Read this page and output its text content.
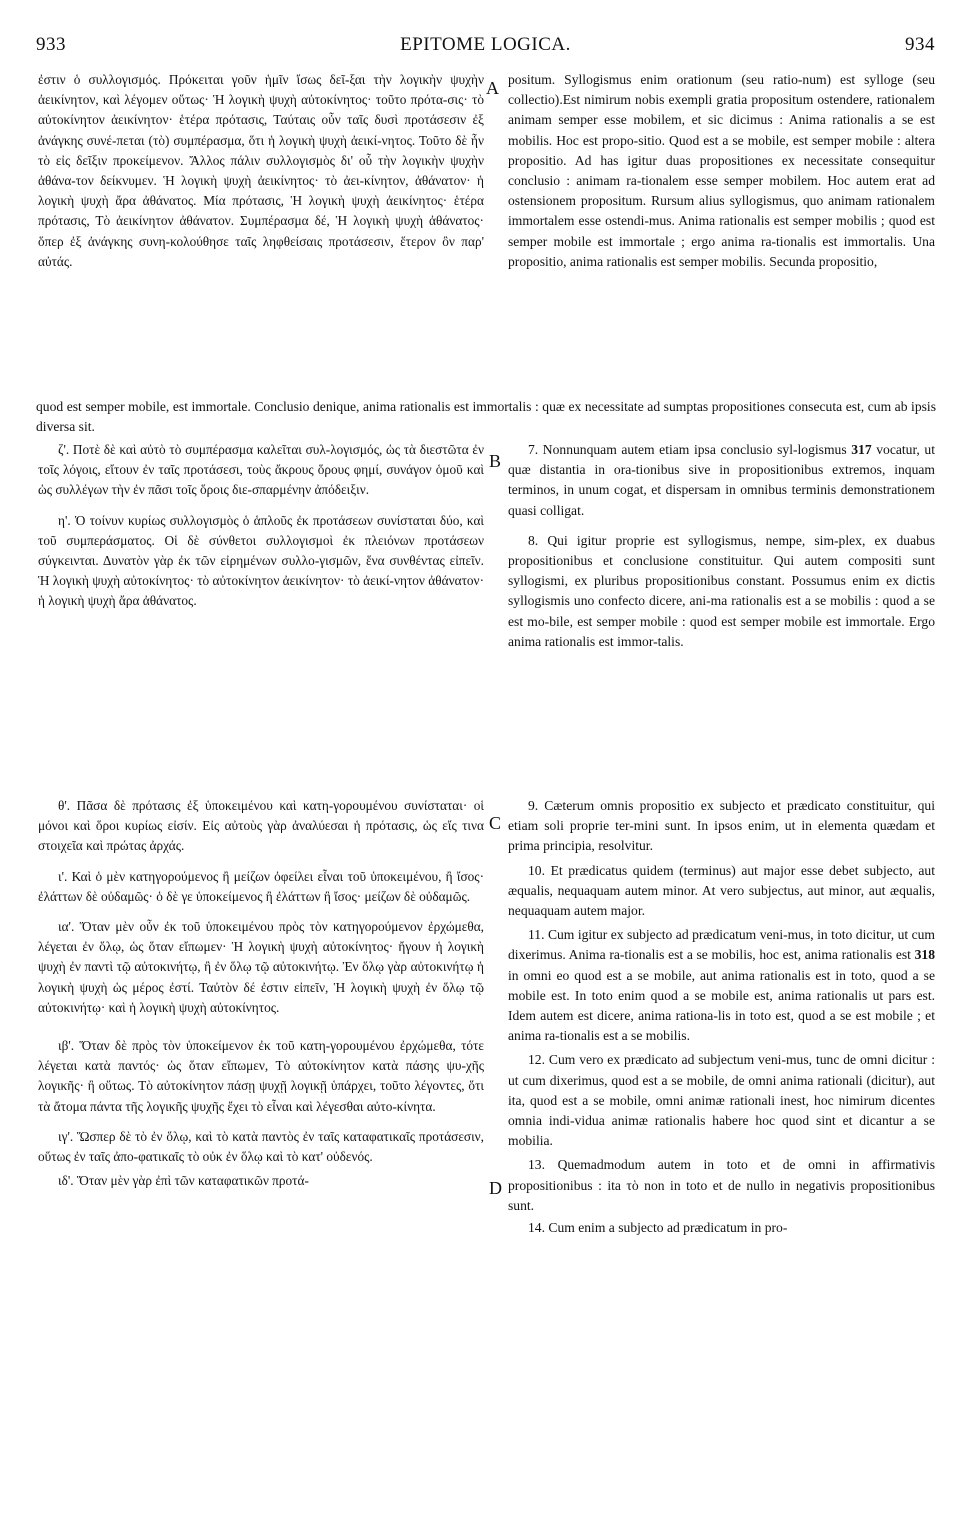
933	EPITOME LOGICA.	934
A
B
C
D

ἐστιν ὁ συλλογισμός. Πρόκειται γοῦν ἡμῖν ἴσως δεῖ-ξαι τὴν λογικὴν ψυχὴν ἀεικίνητον, καὶ λέγομεν οὕτως· Ἡ λογικὴ ψυχὴ αὐτοκίνητος· τοῦτο πρότα-σις· τὸ αὐτοκίνητον ἀεικίνητον· ἑτέρα πρότασις, Ταύταις οὖν ταῖς δυσὶ προτάσεσιν ἐξ ἀνάγκης συνέ-πεται (τὸ) συμπέρασμα, ὅτι ἡ λογικὴ ψυχὴ ἀεικί-νητος. Τοῦτο δὲ ἦν τὸ εἰς δεῖξιν προκείμενον. Ἄλλος πάλιν συλλογισμὸς δι' οὗ τὴν λογικὴν ψυχὴν ἀθάνα-τον δείκνυμεν. Ἡ λογικὴ ψυχὴ ἀεικίνητος· τὸ ἀει-κίνητον, ἀθάνατον· ἡ λογικὴ ψυχὴ ἄρα ἀθάνατος. Μία πρότασις, Ἡ λογικὴ ψυχὴ ἀεικίνητος· ἑτέρα πρότασις, Τὸ ἀεικίνητον ἀθάνατον. Συμπέρασμα δέ, Ἡ λογικὴ ψυχὴ ἀθάνατος· ὅπερ ἐξ ἀνάγκης συνη-κολούθησε ταῖς ληφθείσαις προτάσεσιν, ἕτερον ὂν παρ' αὐτάς.

positum. Syllogismus enim orationum (seu ratio-num) est sylloge (seu collectio).Est nimirum nobis exempli gratia propositum ostendere, rationalem animam semper esse mobilem, et sic dicimus : Anima rationalis a se est mobilis. Hoc est propo-sitio. Quod est a se mobile, est semper mobile : altera propositio. Ad has igitur duas propositiones ex necessitate consequitur conclusio : animam ra-tionalem esse semper mobilem. Hoc autem erat ad ostensionem propositum. Rursum alius syllogismus, quo animam rationalem immortalem esse ostendi-mus. Anima rationalis est semper mobilis ; quod est semper mobile est immortale ; ergo anima ra-tionalis est immortalis. Una propositio, anima rationalis est semper mobilis. Secunda propositio,

quod est semper mobile, est immortale. Conclusio denique, anima rationalis est immortalis : quæ ex necessitate ad sumptas propositiones consecuta est, cum ab ipsis diversa sit.

ζ'. Ποτὲ δὲ καὶ αὐτὸ τὸ συμπέρασμα καλεῖται συλ-λογισμός, ὡς τὰ διεστῶτα ἐν τοῖς λόγοις, εἴτουν ἐν ταῖς προτάσεσι, τοὺς ἄκρους ὅρους φημί, συνάγον ὁμοῦ καὶ ὡς συλλέγων τὴν ἐν πᾶσι τοῖς ὅροις διε-σπαρμένην ἀπόδειξιν.

η'. Ὁ τοίνυν κυρίως συλλογισμὸς ὁ ἁπλοῦς ἐκ προτάσεων συνίσταται δύο, καὶ τοῦ συμπεράσματος. Οἱ δὲ σύνθετοι συλλογισμοὶ ἐκ πλειόνων προτάσεων σύγκεινται. Δυνατὸν γὰρ ἐκ τῶν εἰρημένων συλλο-γισμῶν, ἕνα συνθέντας εἰπεῖν. Ἡ λογικὴ ψυχὴ αὐτοκίνητος· τὸ αὐτοκίνητον ἀεικίνητον· τὸ ἀεικί-νητον ἀθάνατον· ἡ λογικὴ ψυχὴ ἄρα ἀθάνατος.

7. Nonnunquam autem etiam ipsa conclusio syl-logismus 317 vocatur, ut quæ distantia in ora-tionibus sive in propositionibus extremos, inquam terminos, in unum cogat, et dispersam in omnibus terminis demonstrationem quasi colligat.

8. Qui igitur proprie est syllogismus, nempe, sim-plex, ex duabus propositionibus et conclusione constituitur. Qui autem compositi sunt syllogismi, ex pluribus propositionibus constant. Possumus enim ex dictis syllogismis uno confecto dicere, ani-ma rationalis est a se mobilis : quod a se est mo-bile, est semper mobile : quod est semper mobile est immortale. Ergo anima rationalis est immor-talis.

θ'. Πᾶσα δὲ πρότασις ἐξ ὑποκειμένου καὶ κατη-γορουμένου συνίσταται· οἱ μόνοι καὶ ὅροι κυρίως εἰσίν. Εἰς αὐτοὺς γὰρ ἀναλύεσαι ἡ πρότασις, ὡς εἴς τινα στοιχεῖα καὶ πρώτας ἀρχάς.

ι'. Καὶ ὁ μὲν κατηγορούμενος ἢ μείζων ὀφείλει εἶναι τοῦ ὑποκειμένου, ἢ ἴσος· ἐλάττων δὲ οὐδαμῶς· ὁ δὲ γε ὑποκείμενος ἢ ἐλάττων ἢ ἴσος· μείζων δὲ οὐδαμῶς.

ια'. Ὅταν μὲν οὖν ἐκ τοῦ ὑποκειμένου πρὸς τὸν κατηγορούμενον ἐρχώμεθα, λέγεται ἐν ὅλῳ, ὡς ὅταν εἴπωμεν· Ἡ λογικὴ ψυχὴ αὐτοκίνητος· ἤγουν ἡ λογικὴ ψυχὴ ἐν παντὶ τῷ αὐτοκινήτῳ, ἢ ἐν ὅλῳ τῷ αὐτοκινήτῳ. Ἐν ὅλῳ γὰρ αὐτοκινήτῳ ἡ λογικὴ ψυχὴ ὡς μέρος ἐστί. Ταὐτὸν δέ ἐστιν εἰπεῖν, Ἡ λογικὴ ψυχὴ ἐν ὅλῳ τῷ αὐτοκινήτῳ· καὶ ἡ λογικὴ ψυχὴ αὐτοκίνητος.

ιβ'. Ὅταν δὲ πρὸς τὸν ὑποκείμενον ἐκ τοῦ κατη-γορουμένου ἐρχώμεθα, τότε λέγεται κατὰ παντός· ὡς ὅταν εἴπωμεν, Τὸ αὐτοκίνητον κατὰ πάσης ψυ-χῆς λογικῆς· ἢ οὕτως. Τὸ αὐτοκίνητον πάσῃ ψυχῇ λογικῇ ὑπάρχει, τοῦτο λέγοντες, ὅτι τὰ ἄτομα πάντα τῆς λογικῆς ψυχῆς ἔχει τὸ εἶναι καὶ λέγεσθαι αὐτο-κίνητα.

ιγ'. Ὥσπερ δὲ τὸ ἐν ὅλῳ, καὶ τὸ κατὰ παντὸς ἐν ταῖς καταφατικαῖς προτάσεσιν, οὕτως ἐν ταῖς ἀπο-φατικαῖς τὸ οὐκ ἐν ὅλῳ καὶ τὸ κατ' οὐδενός.

ιδ'. Ὅταν μὲν γὰρ ἐπὶ τῶν καταφατικῶν προτά-

9. Cæterum omnis propositio ex subjecto et prædicato constituitur, qui etiam soli proprie ter-mini sunt. In ipsos enim, ut in elementa quædam et prima principia, resolvitur.

10. Et prædicatus quidem (terminus) aut major esse debet subjecto, aut æqualis, nequaquam autem minor. At vero subjectus, aut minor, aut æqualis, nequaquam autem major.

11. Cum igitur ex subjecto ad prædicatum veni-mus, in toto dicitur, ut cum dixerimus. Anima ra-tionalis est a se mobilis, hoc est, anima rationalis est 318 in omni eo quod est a se mobile, aut anima rationalis est in toto, quod a se mobile est. In toto enim quod a se mobile est, anima rationalis ut pars est. Idem autem est dicere, anima rationa-lis in toto est, quod a se est mobile ; et anima ra-tionalis est a se mobilis.

12. Cum vero ex prædicato ad subjectum veni-mus, tunc de omni dicitur : ut cum dixerimus, quod est a se mobile, de omni anima rationali (dicitur), aut ita, quod est a se mobile, omni animæ rationali inest, hoc nimirum dicentes omnia indi-vidua animæ rationalis habere hoc quod sint et dicantur a se mobilia.

13. Quemadmodum autem in toto et de omni in affirmativis propositionibus : ita τὸ non in toto et de nullo in negativis propositionibus sunt.

14. Cum enim a subjecto ad prædicatum in pro-
